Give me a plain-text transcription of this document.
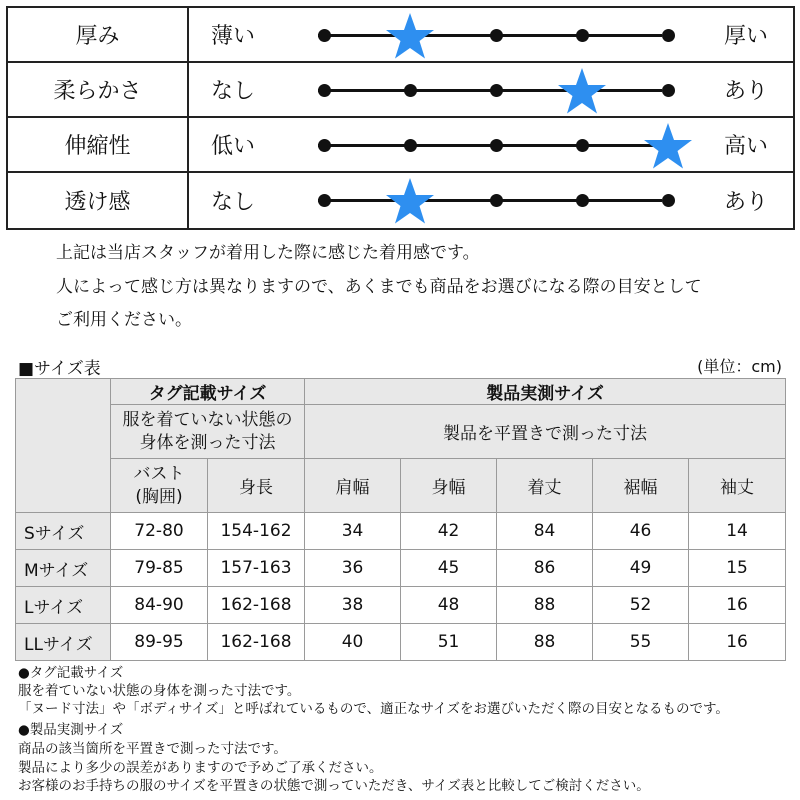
厚み	薄い	厚い
柔らかさ	なし	あり
伸縮性	低い	高い
透け感	なし	あり
上記は当店スタッフが着用した際に感じた着用感です。
人によって感じ方は異なりますので、あくまでも商品をお選びになる際の目安として
ご利用ください。
■サイズ表	(単位：cm)
	タグ記載サイズ		製品実測サイズ				
	服を着ていない状態の身体を測った寸法		製品を平置きで測った寸法				
	バスト(胸囲)	身長	肩幅	身幅	着丈	裾幅	袖丈
Sサイズ	72-80	154-162	34	42	84	46	14
Mサイズ	79-85	157-163	36	45	86	49	15
Lサイズ	84-90	162-168	38	48	88	52	16
LLサイズ	89-95	162-168	40	51	88	55	16
●タグ記載サイズ
服を着ていない状態の身体を測った寸法です。
「ヌード寸法」や「ボディサイズ」と呼ばれているもので、適正なサイズをお選びいただく際の目安となるものです。
●製品実測サイズ
商品の該当箇所を平置きで測った寸法です。
製品により多少の誤差がありますので予めご了承ください。
お客様のお手持ちの服のサイズを平置きの状態で測っていただき、サイズ表と比較してご検討ください。
